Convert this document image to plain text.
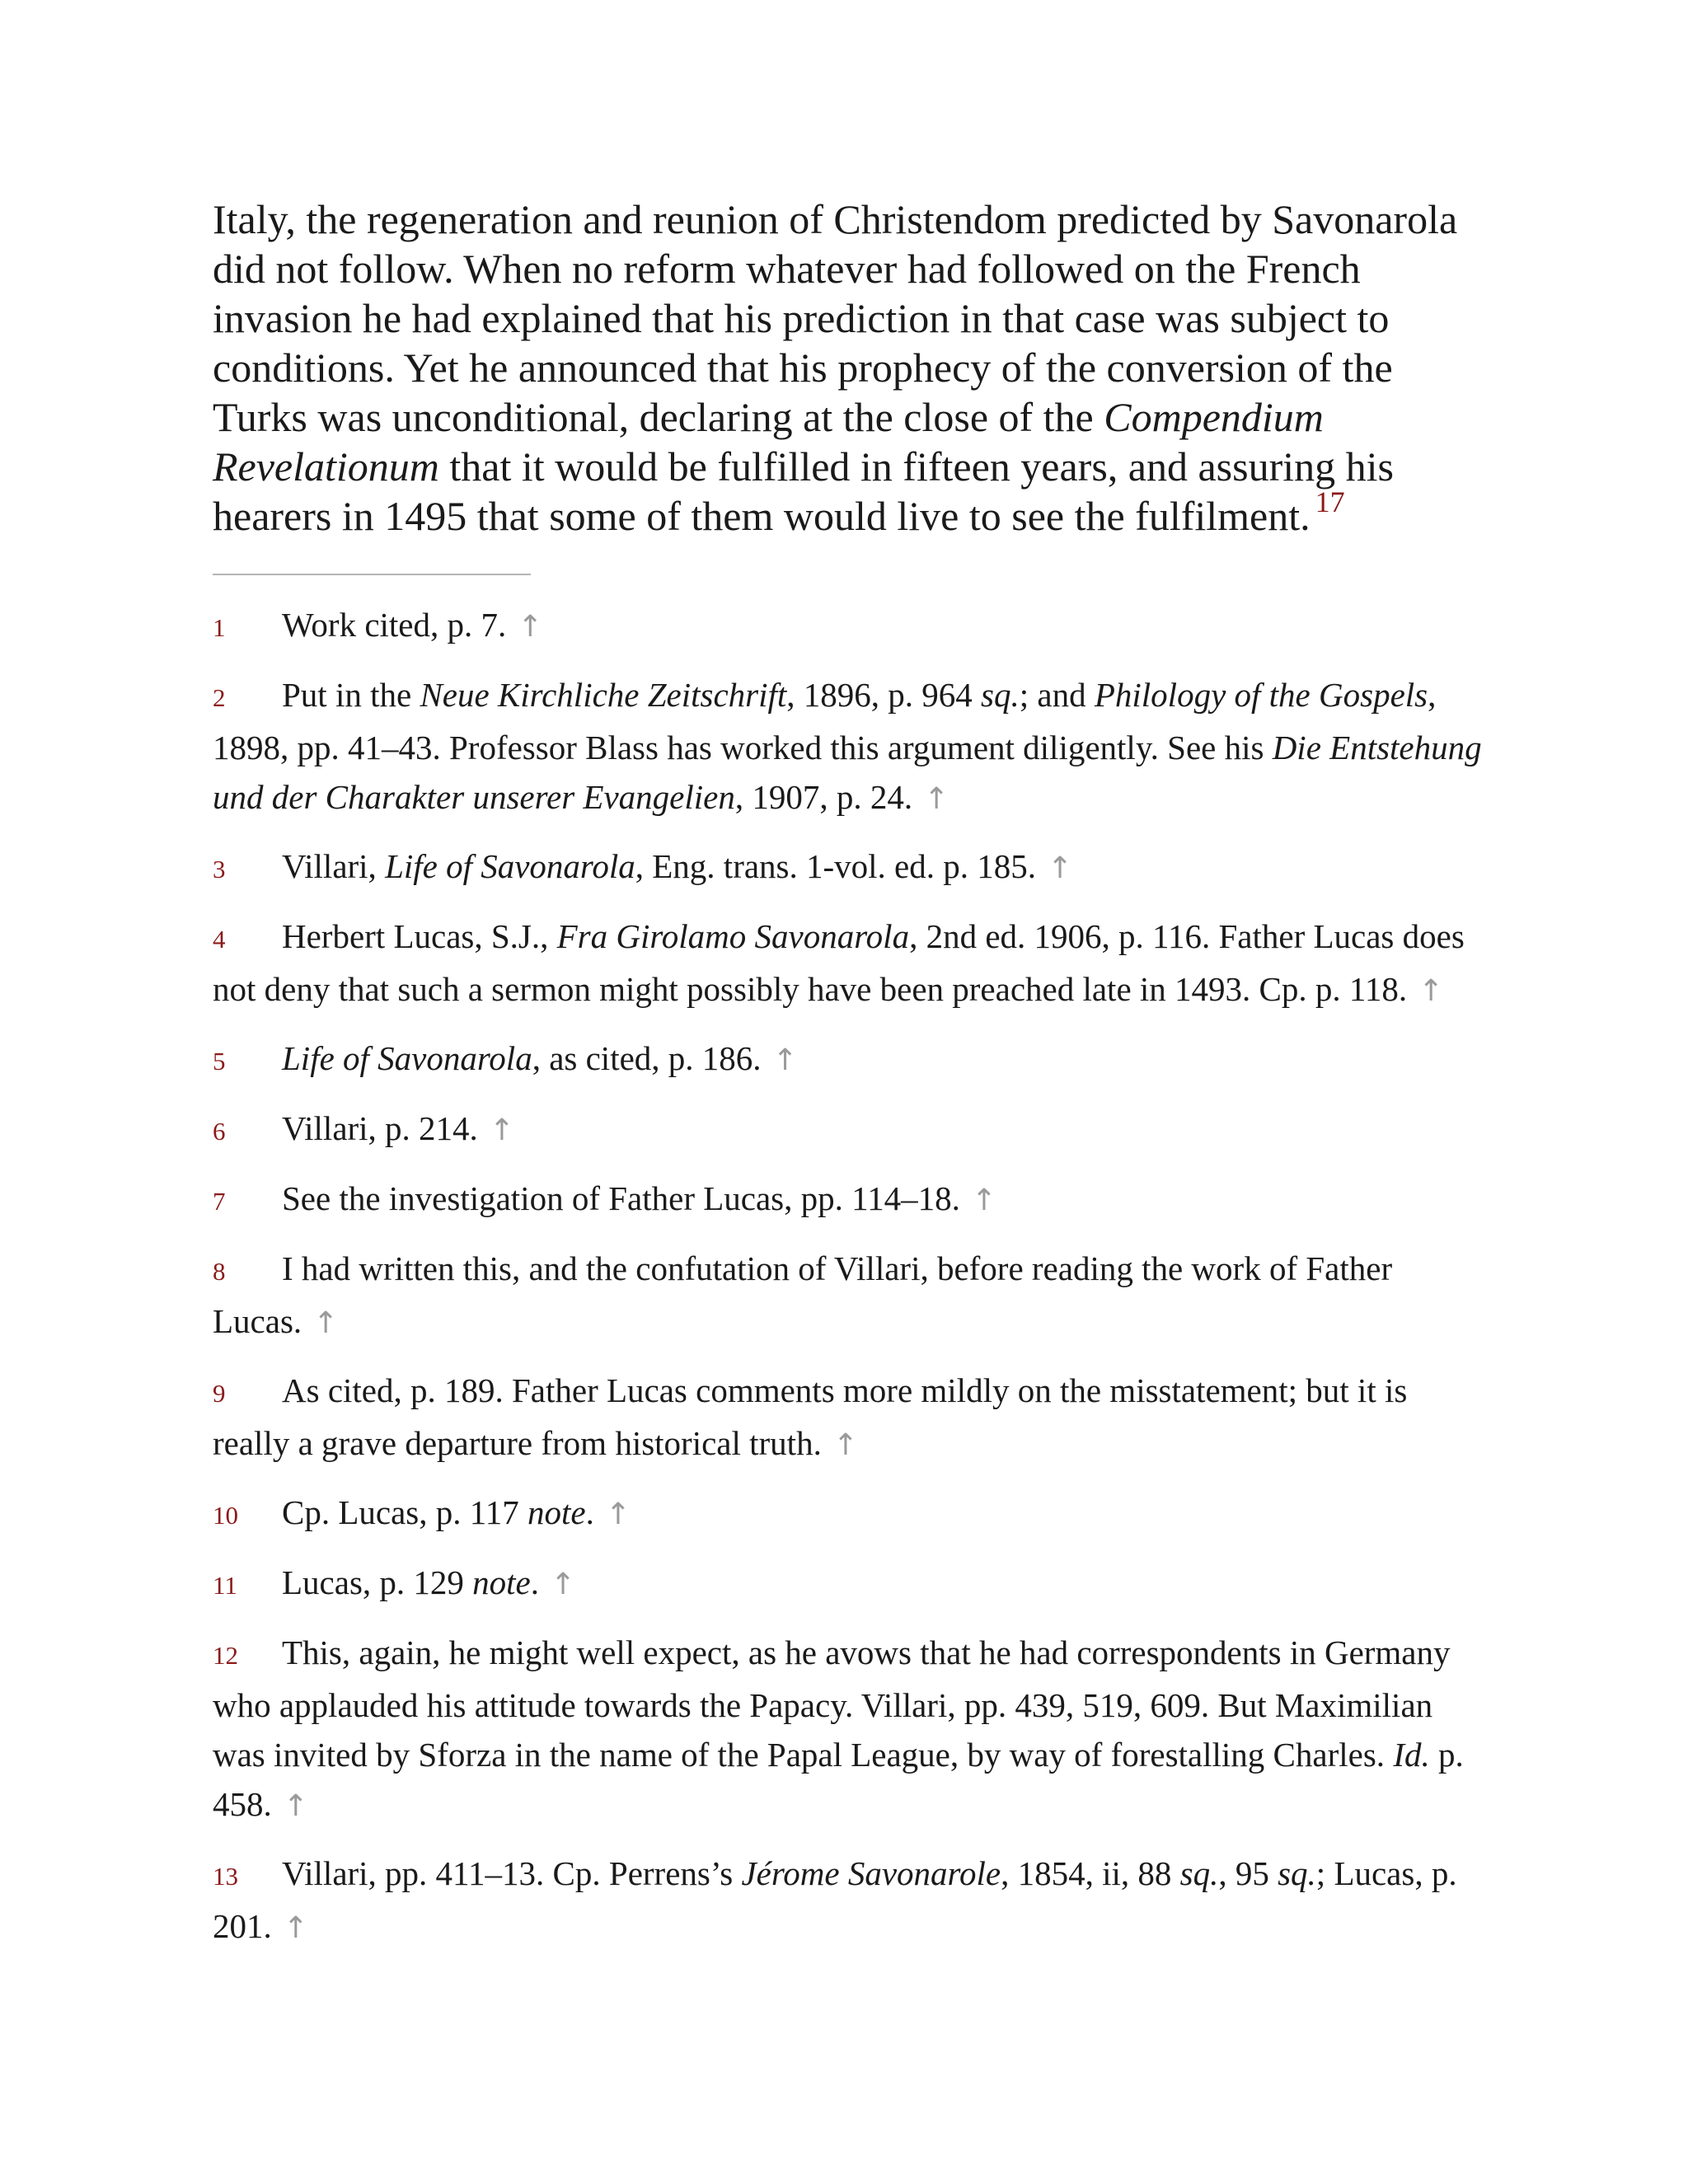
Italy, the regeneration and reunion of Christendom predicted by Savonarola did not follow. When no reform whatever had followed on the French invasion he had explained that his prediction in that case was subject to conditions. Yet he announced that his prophecy of the conversion of the Turks was unconditional, declaring at the close of the Compendium Revelationum that it would be fulfilled in fifteen years, and assuring his hearers in 1495 that some of them would live to see the fulfilment. $^{17}$

1 Work cited, p. 7. ↑

2 Put in the Neue Kirchliche Zeitschrift, 1896, p. 964 sq.; and Philology of the Gospels, 1898, pp. 41–43. Professor Blass has worked this argument diligently. See his Die Entstehung und der Charakter unserer Evangelien, 1907, p. 24. ↑

3 Villari, Life of Savonarola, Eng. trans. 1-vol. ed. p. 185. ↑

4 Herbert Lucas, S.J., Fra Girolamo Savonarola, 2nd ed. 1906, p. 116. Father Lucas does not deny that such a sermon might possibly have been preached late in 1493. Cp. p. 118. ↑

5 Life of Savonarola, as cited, p. 186. ↑

6 Villari, p. 214. ↑

7 See the investigation of Father Lucas, pp. 114–18. ↑

8 I had written this, and the confutation of Villari, before reading the work of Father Lucas. ↑

9 As cited, p. 189. Father Lucas comments more mildly on the misstatement; but it is really a grave departure from historical truth. ↑

10 Cp. Lucas, p. 117 note. ↑

11 Lucas, p. 129 note. ↑

12 This, again, he might well expect, as he avows that he had correspondents in Germany who applauded his attitude towards the Papacy. Villari, pp. 439, 519, 609. But Maximilian was invited by Sforza in the name of the Papal League, by way of forestalling Charles. Id. p. 458. ↑

13 Villari, pp. 411–13. Cp. Perrens’s Jérome Savonarole, 1854, ii, 88 sq., 95 sq.; Lucas, p. 201. ↑
